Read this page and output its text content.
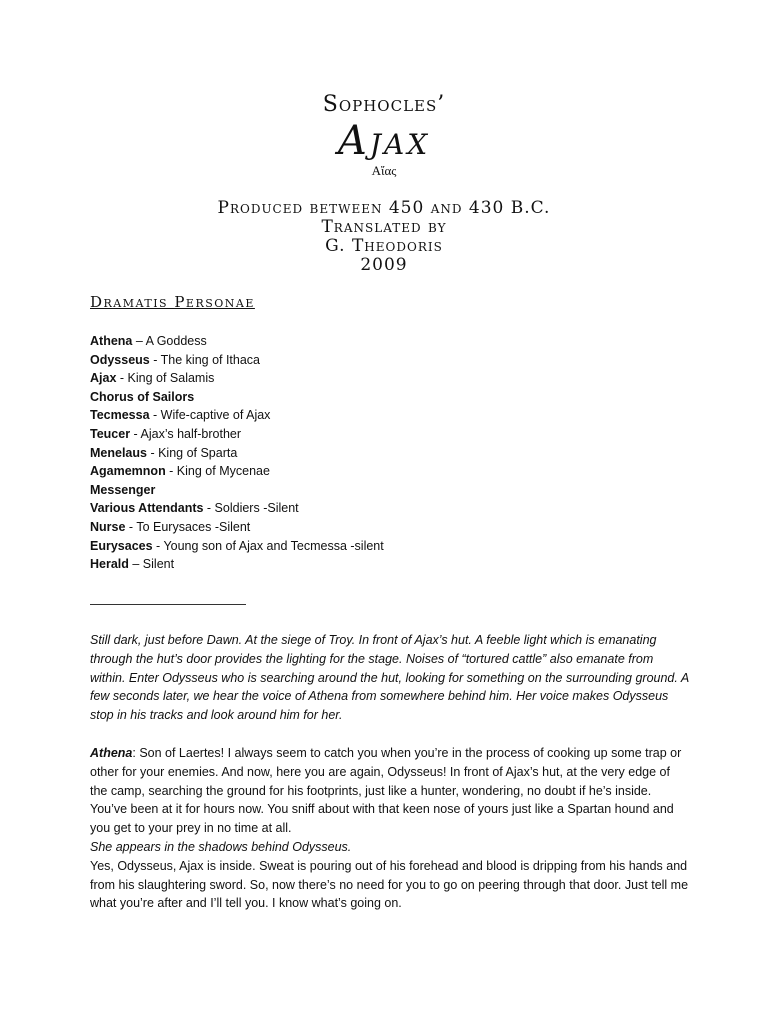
Sophocles’
Ajax
Αἴας
Produced between 450 and 430 B.C.
Translated by
G. Theodoris
2009
Dramatis Personae
Athena – A Goddess
Odysseus - The king of Ithaca
Ajax - King of Salamis
Chorus of Sailors
Tecmessa - Wife-captive of Ajax
Teucer - Ajax’s half-brother
Menelaus - King of Sparta
Agamemnon - King of Mycenae
Messenger
Various Attendants - Soldiers -Silent
Nurse - To Eurysaces -Silent
Eurysaces - Young son of Ajax and Tecmessa -silent
Herald – Silent
————————————

Still dark, just before Dawn. At the siege of Troy. In front of Ajax’s hut. A feeble light which is emanating through the hut’s door provides the lighting for the stage. Noises of “tortured cattle” also emanate from within. Enter Odysseus who is searching around the hut, looking for something on the surrounding ground. A few seconds later, we hear the voice of Athena from somewhere behind him. Her voice makes Odysseus stop in his tracks and look around him for her.

Athena: Son of Laertes! I always seem to catch you when you’re in the process of cooking up some trap or other for your enemies. And now, here you are again, Odysseus! In front of Ajax’s hut, at the very edge of the camp, searching the ground for his footprints, just like a hunter, wondering, no doubt if he’s inside. You’ve been at it for hours now. You sniff about with that keen nose of yours just like a Spartan hound and you get to your prey in no time at all.
She appears in the shadows behind Odysseus.
Yes, Odysseus, Ajax is inside. Sweat is pouring out of his forehead and blood is dripping from his hands and from his slaughtering sword. So, now there’s no need for you to go on peering through that door. Just tell me what you’re after and I’ll tell you. I know what’s going on.
